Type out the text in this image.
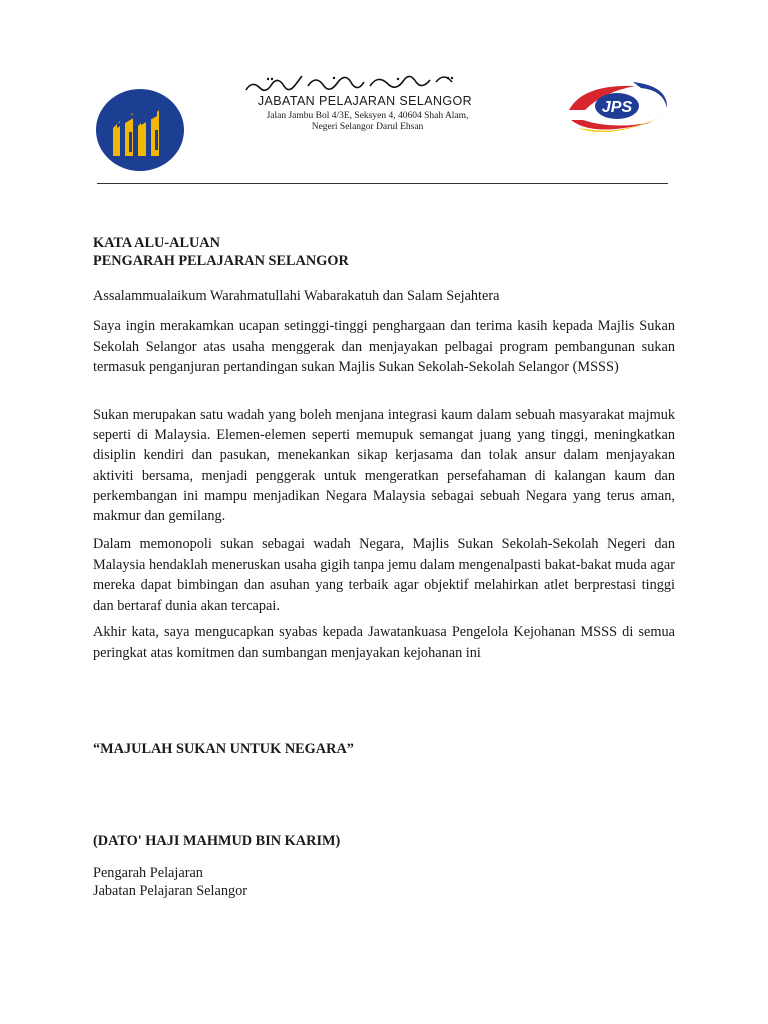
JABATAN PELAJARAN SELANGOR
Jalan Jambu Bol 4/3E, Seksyen 4, 40604 Shah Alam,
Negeri Selangor Darul Ehsan
JPS
KATA ALU-ALUAN
PENGARAH PELAJARAN SELANGOR

Assalammualaikum Warahmatullahi Wabarakatuh dan Salam Sejahtera

Saya ingin merakamkan ucapan setinggi-tinggi penghargaan dan terima kasih kepada Majlis Sukan Sekolah Selangor atas usaha menggerak dan menjayakan pelbagai program pembangunan sukan termasuk penganjuran pertandingan sukan Majlis Sukan Sekolah-Sekolah Selangor (MSSS)

Sukan merupakan satu wadah yang boleh menjana integrasi kaum dalam sebuah masyarakat majmuk seperti di Malaysia. Elemen-elemen seperti memupuk semangat juang yang tinggi, meningkatkan disiplin kendiri dan pasukan, menekankan sikap kerjasama dan tolak ansur dalam menjayakan aktiviti bersama, menjadi penggerak untuk mengeratkan persefahaman di kalangan kaum dan perkembangan ini mampu menjadikan Negara Malaysia sebagai sebuah Negara yang terus aman, makmur dan gemilang.

Dalam memonopoli sukan sebagai wadah Negara, Majlis Sukan Sekolah-Sekolah Negeri dan Malaysia hendaklah meneruskan usaha gigih tanpa jemu dalam mengenalpasti bakat-bakat muda agar mereka dapat bimbingan dan asuhan yang terbaik agar objektif melahirkan atlet berprestasi tinggi dan bertaraf dunia akan tercapai.

Akhir kata, saya mengucapkan syabas kepada Jawatankuasa Pengelola Kejohanan MSSS di semua peringkat atas komitmen dan sumbangan menjayakan kejohanan ini

“MAJULAH SUKAN UNTUK NEGARA”

(DATO' HAJI MAHMUD BIN KARIM)

Pengarah Pelajaran
Jabatan Pelajaran Selangor
